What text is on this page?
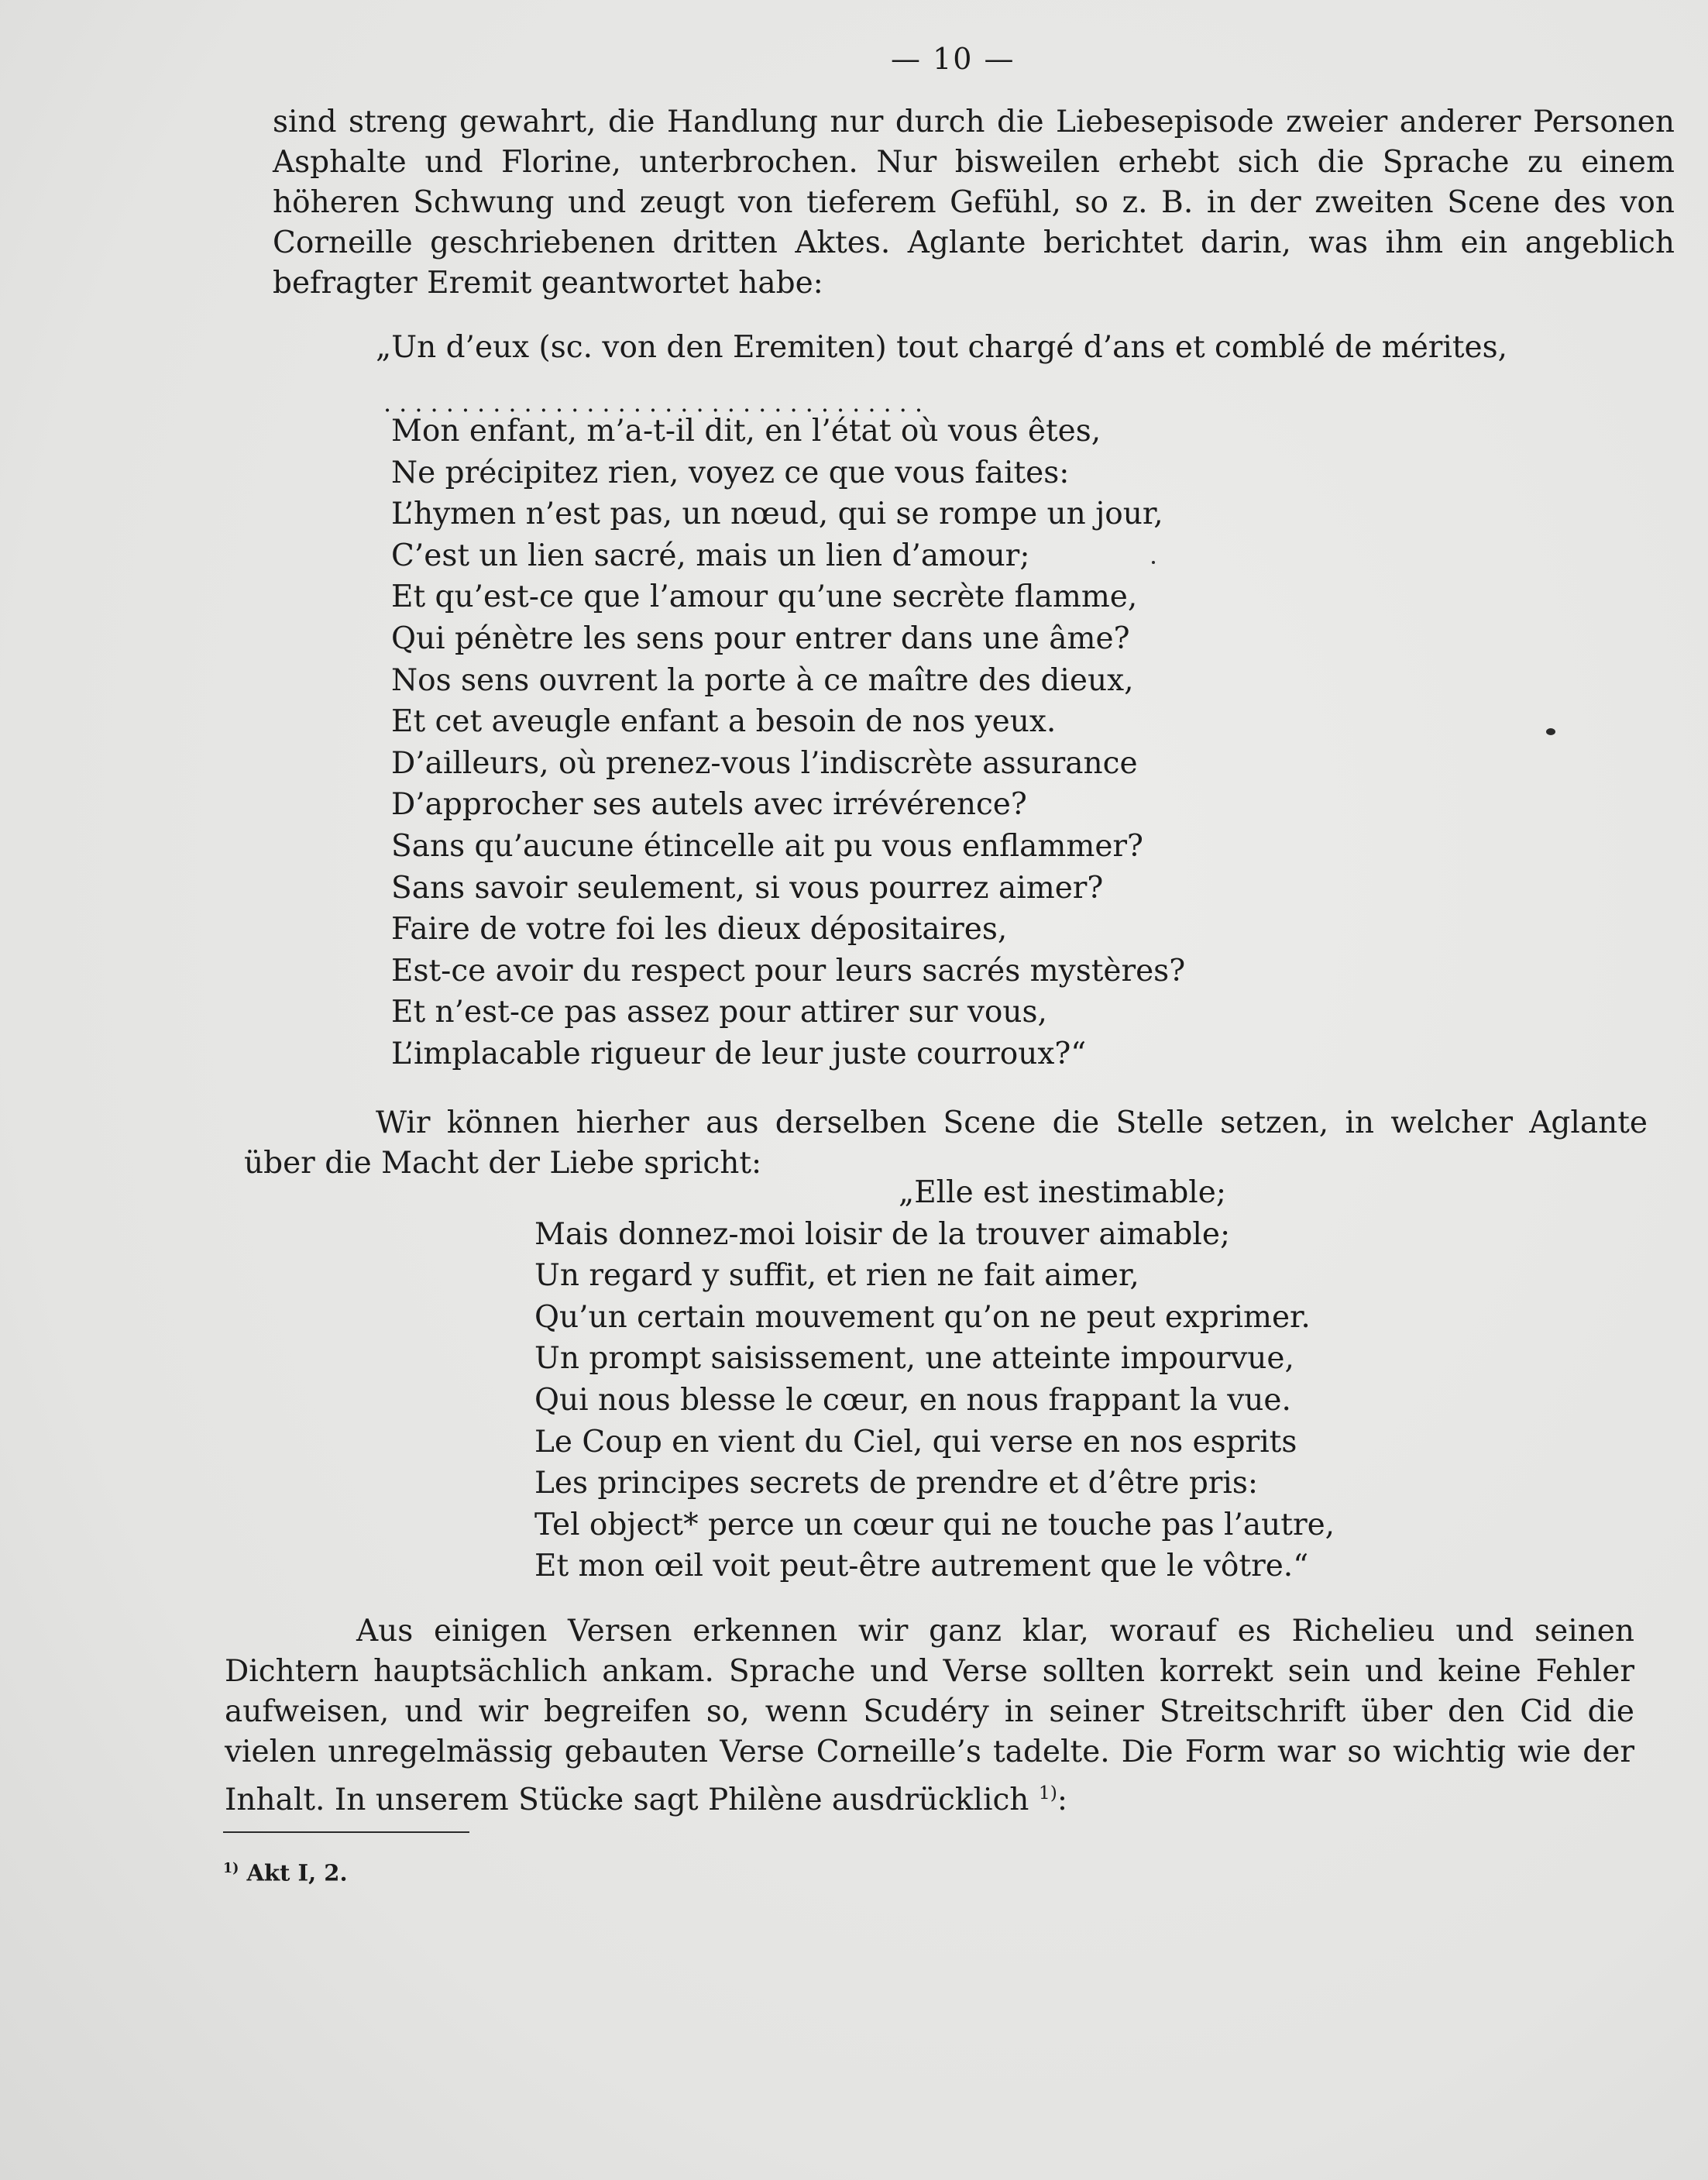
— 10 —

sind streng gewahrt, die Handlung nur durch die Liebesepisode zweier anderer Personen Asphalte und Florine, unterbrochen. Nur bisweilen erhebt sich die Sprache zu einem höheren Schwung und zeugt von tieferem Gefühl, so z. B. in der zweiten Scene des von Corneille geschriebenen dritten Aktes. Aglante berichtet darin, was ihm ein angeblich befragter Eremit geantwortet habe:

„Un d’eux (sc. von den Eremiten) tout chargé d’ans et comblé de mérites,
...................................
Mon enfant, m’a-t-il dit, en l’état où vous êtes,
Ne précipitez rien, voyez ce que vous faites:
L’hymen n’est pas, un nœud, qui se rompe un jour,
C’est un lien sacré, mais un lien d’amour;
Et qu’est-ce que l’amour qu’une secrète flamme,
Qui pénètre les sens pour entrer dans une âme?
Nos sens ouvrent la porte à ce maître des dieux,
Et cet aveugle enfant a besoin de nos yeux.
D’ailleurs, où prenez-vous l’indiscrète assurance
D’approcher ses autels avec irrévérence?
Sans qu’aucune étincelle ait pu vous enflammer?
Sans savoir seulement, si vous pourrez aimer?
Faire de votre foi les dieux dépositaires,
Est-ce avoir du respect pour leurs sacrés mystères?
Et n’est-ce pas assez pour attirer sur vous,
L’implacable rigueur de leur juste courroux?“

Wir können hierher aus derselben Scene die Stelle setzen, in welcher Aglante über die Macht der Liebe spricht:

„Elle est inestimable;
Mais donnez-moi loisir de la trouver aimable;
Un regard y suffit, et rien ne fait aimer,
Qu’un certain mouvement qu’on ne peut exprimer.
Un prompt saisissement, une atteinte impourvue,
Qui nous blesse le cœur, en nous frappant la vue.
Le Coup en vient du Ciel, qui verse en nos esprits
Les principes secrets de prendre et d’être pris:
Tel object* perce un cœur qui ne touche pas l’autre,
Et mon œil voit peut-être autrement que le vôtre.“

Aus einigen Versen erkennen wir ganz klar, worauf es Richelieu und seinen Dichtern hauptsächlich ankam. Sprache und Verse sollten korrekt sein und keine Fehler aufweisen, und wir begreifen so, wenn Scudéry in seiner Streitschrift über den Cid die vielen unregelmässig gebauten Verse Corneille’s tadelte. Die Form war so wichtig wie der Inhalt. In unserem Stücke sagt Philène ausdrücklich $^{1)}$:

$^{1)}$ Akt I, 2.
